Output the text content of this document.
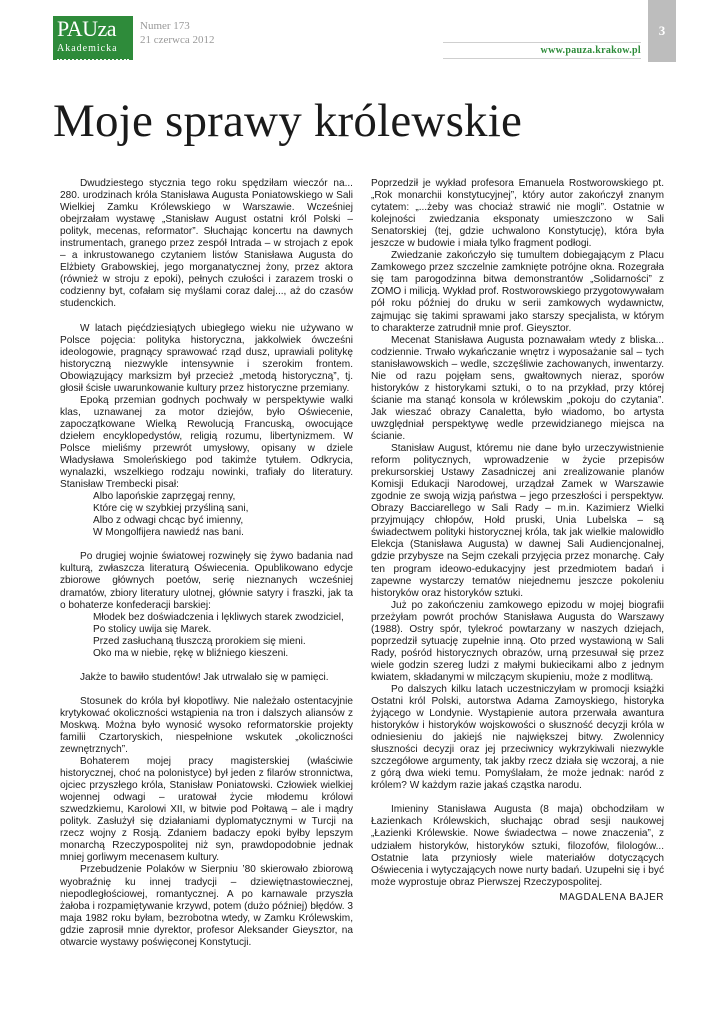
PAUza
Akademicka
Numer 173
21 czerwca 2012
3
www.pauza.krakow.pl
Moje sprawy królewskie

Dwudziestego stycznia tego roku spędziłam wieczór na... 280. urodzinach króla Stanisława Augusta Poniatowskiego w Sali Wielkiej Zamku Królewskiego w Warszawie. Wcześniej obejrzałam wystawę „Stanisław August ostatni król Polski – polityk, mecenas, reformator”. Słuchając koncertu na dawnych instrumentach, granego przez zespół Intrada – w strojach z epok – a inkrustowanego czytaniem listów Stanisława Augusta do Elżbiety Grabowskiej, jego morganatycznej żony, przez aktora (również w stroju z epoki), pełnych czułości i zarazem troski o codzienny byt, cofałam się myślami coraz dalej..., aż do czasów studenckich.

W latach pięćdziesiątych ubiegłego wieku nie używano w Polsce pojęcia: polityka historyczna, jakkolwiek ówcześni ideologowie, pragnący sprawować rząd dusz, uprawiali politykę historyczną niezwykle intensywnie i szerokim frontem. Obowiązujący marksizm był przecież „metodą historyczną”, tj. głosił ścisłe uwarunkowanie kultury przez historyczne przemiany.

Epoką przemian godnych pochwały w perspektywie walki klas, uznawanej za motor dziejów, było Oświecenie, zapoczątkowane Wielką Rewolucją Francuską, owocujące dziełem encyklopedystów, religią rozumu, libertynizmem. W Polsce mieliśmy przewrót umysłowy, opisany w dziele Władysława Smoleńskiego pod takimże tytułem. Odkrycia, wynalazki, wszelkiego rodzaju nowinki, trafiały do literatury. Stanisław Trembecki pisał:

Albo lapońskie zaprzęgaj renny,
Które cię w szybkiej przyśliną sani,
Albo z odwagi chcąc być imienny,
W Mongolfijera nawiedź nas bani.

Po drugiej wojnie światowej rozwinęły się żywo badania nad kulturą, zwłaszcza literaturą Oświecenia. Opublikowano edycje zbiorowe głównych poetów, serię nieznanych wcześniej dramatów, zbiory literatury ulotnej, głównie satyry i fraszki, jak ta o bohaterze konfederacji barskiej:

Młodek bez doświadczenia i lękliwych starek zwodziciel,
Po stolicy uwija się Marek.
Przed zasłuchaną tłuszczą prorokiem się mieni.
Oko ma w niebie, rękę w bliźniego kieszeni.

Jakże to bawiło studentów! Jak utrwalało się w pamięci.

Stosunek do króla był kłopotliwy. Nie należało ostentacyjnie krytykować okoliczności wstąpienia na tron i dalszych aliansów z Moskwą. Można było wynosić wysoko reformatorskie projekty familii Czartoryskich, niespełnione wskutek „okoliczności zewnętrznych”.

Bohaterem mojej pracy magisterskiej (właściwie historycznej, choć na polonistyce) był jeden z filarów stronnictwa, ojciec przyszłego króla, Stanisław Poniatowski. Człowiek wielkiej wojennej odwagi – uratował życie młodemu królowi szwedzkiemu, Karolowi XII, w bitwie pod Połtawą – ale i mądry polityk. Zasłużył się działaniami dyplomatycznymi w Turcji na rzecz wojny z Rosją. Zdaniem badaczy epoki byłby lepszym monarchą Rzeczypospolitej niż syn, prawdopodobnie jednak mniej gorliwym mecenasem kultury.

Przebudzenie Polaków w Sierpniu ’80 skierowało zbiorową wyobraźnię ku innej tradycji – dziewiętnastowiecznej, niepodległościowej, romantycznej. A po karnawale przyszła żałoba i rozpamiętywanie krzywd, potem (dużo później) błędów. 3 maja 1982 roku byłam, bezrobotna wtedy, w Zamku Królewskim, gdzie zaprosił mnie dyrektor, profesor Aleksander Gieysztor, na otwarcie wystawy poświęconej Konstytucji.

Poprzedził je wykład profesora Emanuela Rostworowskiego pt. „Rok monarchii konstytucyjnej”, który autor zakończył znanym cytatem: „...żeby was chociaż strawić nie mogli”. Ostatnie w kolejności zwiedzania eksponaty umieszczono w Sali Senatorskiej (tej, gdzie uchwalono Konstytucję), która była jeszcze w budowie i miała tylko fragment podłogi.

Zwiedzanie zakończyło się tumultem dobiegającym z Placu Zamkowego przez szczelnie zamknięte potrójne okna. Rozegrała się tam parogodzinna bitwa demonstrantów „Solidarności” z ZOMO i milicją. Wykład prof. Rostworowskiego przygotowywałam pół roku później do druku w serii zamkowych wydawnictw, zajmując się takimi sprawami jako starszy specjalista, w którym to charakterze zatrudnił mnie prof. Gieysztor.

Mecenat Stanisława Augusta poznawałam wtedy z bliska... codziennie. Trwało wykańczanie wnętrz i wyposażanie sal – tych stanisławowskich – wedle, szczęśliwie zachowanych, inwentarzy. Nie od razu pojęłam sens, gwałtownych nieraz, sporów historyków z historykami sztuki, o to na przykład, przy której ścianie ma stanąć konsola w królewskim „pokoju do czytania”. Jak wieszać obrazy Canaletta, było wiadomo, bo artysta uwzględniał perspektywę wedle przewidzianego miejsca na ścianie.

Stanisław August, któremu nie dane było urzeczywistnienie reform politycznych, wprowadzenie w życie przepisów prekursorskiej Ustawy Zasadniczej ani zrealizowanie planów Komisji Edukacji Narodowej, urządzał Zamek w Warszawie zgodnie ze swoją wizją państwa – jego przeszłości i perspektyw. Obrazy Bacciarellego w Sali Rady – m.in. Kazimierz Wielki przyjmujący chłopów, Hołd pruski, Unia Lubelska – są świadectwem polityki historycznej króla, tak jak wielkie malowidło Elekcja (Stanisława Augusta) w dawnej Sali Audiencjonalnej, gdzie przybysze na Sejm czekali przyjęcia przez monarchę. Cały ten program ideowo-edukacyjny jest przedmiotem badań i zapewne wystarczy tematów niejednemu jeszcze pokoleniu historyków oraz historyków sztuki.

Już po zakończeniu zamkowego epizodu w mojej biografii przeżyłam powrót prochów Stanisława Augusta do Warszawy (1988). Ostry spór, tylekroć powtarzany w naszych dziejach, poprzedził sytuację zupełnie inną. Oto przed wystawioną w Sali Rady, pośród historycznych obrazów, urną przesuwał się przez wiele godzin szereg ludzi z małymi bukiecikami albo z jednym kwiatem, składanymi w milczącym skupieniu, może z modlitwą.

Po dalszych kilku latach uczestniczyłam w promocji książki Ostatni król Polski, autorstwa Adama Zamoyskiego, historyka żyjącego w Londynie. Wystąpienie autora przerwała awantura historyków i historyków wojskowości o słuszność decyzji króla w odniesieniu do jakiejś nie największej bitwy. Zwolennicy słuszności decyzji oraz jej przeciwnicy wykrzykiwali niezwykle szczegółowe argumenty, tak jakby rzecz działa się wczoraj, a nie z górą dwa wieki temu. Pomyślałam, że może jednak: naród z królem? W każdym razie jakaś cząstka narodu.

Imieniny Stanisława Augusta (8 maja) obchodziłam w Łazienkach Królewskich, słuchając obrad sesji naukowej „Łazienki Królewskie. Nowe świadectwa – nowe znaczenia”, z udziałem historyków, historyków sztuki, filozofów, filologów... Ostatnie lata przyniosły wiele materiałów dotyczących Oświecenia i wytyczających nowe nurty badań. Uzupełni się i być może wyprostuje obraz Pierwszej Rzeczypospolitej.

MAGDALENA BAJER
